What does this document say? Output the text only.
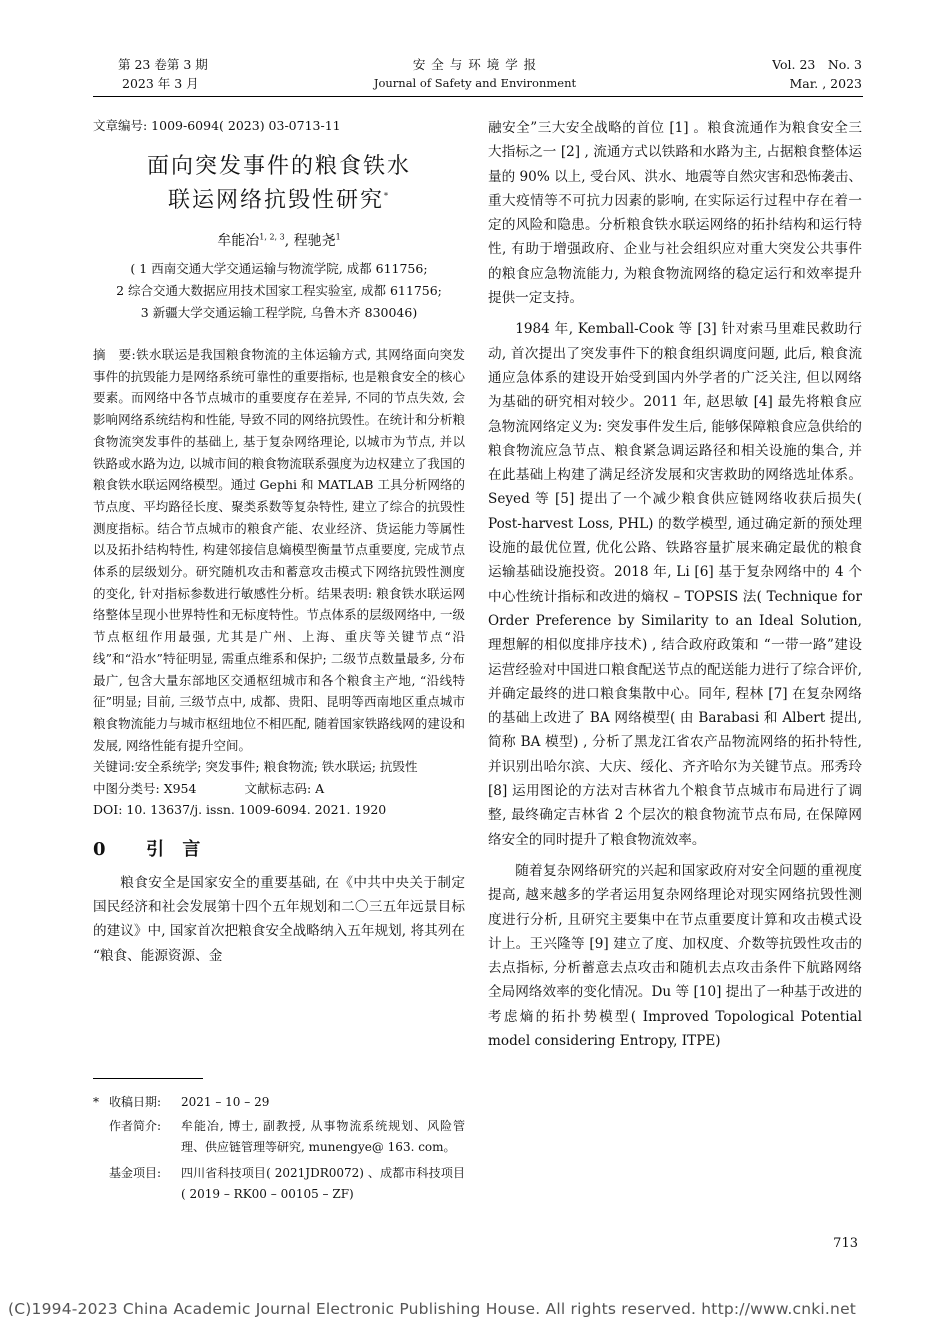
第 23 卷第 3 期
2023 年 3 月
安 全 与 环 境 学 报
Journal of Safety and Environment
Vol. 23　No. 3
Mar. , 2023
文章编号: 1009-6094( 2023) 03-0713-11
面向突发事件的粮食铁水
联运网络抗毁性研究*
牟能冶$^{1, 2, 3}$, 程驰尧$^1$
( 1 西南交通大学交通运输与物流学院, 成都 611756;
2 综合交通大数据应用技术国家工程实验室, 成都 611756;
3 新疆大学交通运输工程学院, 乌鲁木齐 830046)
摘　要:铁水联运是我国粮食物流的主体运输方式, 其网络面向突发事件的抗毁能力是网络系统可靠性的重要指标, 也是粮食安全的核心要素。而网络中各节点城市的重要度存在差异, 不同的节点失效, 会影响网络系统结构和性能, 导致不同的网络抗毁性。在统计和分析粮食物流突发事件的基础上, 基于复杂网络理论, 以城市为节点, 并以铁路或水路为边, 以城市间的粮食物流联系强度为边权建立了我国的粮食铁水联运网络模型。通过 Gephi 和 MATLAB 工具分析网络的节点度、平均路径长度、聚类系数等复杂特性, 建立了综合的抗毁性测度指标。结合节点城市的粮食产能、农业经济、货运能力等属性以及拓扑结构特性, 构建邻接信息熵模型衡量节点重要度, 完成节点体系的层级划分。研究随机攻击和蓄意攻击模式下网络抗毁性测度的变化, 针对指标参数进行敏感性分析。结果表明: 粮食铁水联运网络整体呈现小世界特性和无标度特性。节点体系的层级网络中, 一级节点枢纽作用最强, 尤其是广州、上海、重庆等关键节点“沿线”和“沿水”特征明显, 需重点维系和保护; 二级节点数量最多, 分布最广, 包含大量东部地区交通枢纽城市和各个粮食主产地, “沿线特征”明显; 目前, 三级节点中, 成都、贵阳、昆明等西南地区重点城市粮食物流能力与城市枢纽地位不相匹配, 随着国家铁路线网的建设和发展, 网络性能有提升空间。
关键词:安全系统学; 突发事件; 粮食物流; 铁水联运; 抗毁性
中图分类号: X954	文献标志码: A
DOI: 10. 13637/j. issn. 1009-6094. 2021. 1920
0 引 言

粮食安全是国家安全的重要基础, 在《中共中央关于制定国民经济和社会发展第十四个五年规划和二〇三五年远景目标的建议》中, 国家首次把粮食安全战略纳入五年规划, 将其列在 “粮食、能源资源、金

* 收稿日期:	2021 – 10 – 29
作者简介:	牟能冶, 博士, 副教授, 从事物流系统规划、风险管理、供应链管理等研究, munengye@ 163. com。
基金项目:	四川省科技项目( 2021JDR0072) 、成都市科技项目( 2019 – RK00 – 00105 – ZF)

融安全”三大安全战略的首位 [1] 。粮食流通作为粮食安全三大指标之一 [2] , 流通方式以铁路和水路为主, 占据粮食整体运量的 90% 以上, 受台风、洪水、地震等自然灾害和恐怖袭击、重大疫情等不可抗力因素的影响, 在实际运行过程中存在着一定的风险和隐患。分析粮食铁水联运网络的拓扑结构和运行特性, 有助于增强政府、企业与社会组织应对重大突发公共事件的粮食应急物流能力, 为粮食物流网络的稳定运行和效率提升提供一定支持。

1984 年, Kemball-Cook 等 [3] 针对索马里难民救助行动, 首次提出了突发事件下的粮食组织调度问题, 此后, 粮食流通应急体系的建设开始受到国内外学者的广泛关注, 但以网络为基础的研究相对较少。2011 年, 赵思敏 [4] 最先将粮食应急物流网络定义为: 突发事件发生后, 能够保障粮食应急供给的粮食物流应急节点、粮食紧急调运路径和相关设施的集合, 并在此基础上构建了满足经济发展和灾害救助的网络选址体系。Seyed 等 [5] 提出了一个减少粮食供应链网络收获后损失( Post-harvest Loss, PHL) 的数学模型, 通过确定新的预处理设施的最优位置, 优化公路、铁路容量扩展来确定最优的粮食运输基础设施投资。2018 年, Li [6] 基于复杂网络中的 4 个中心性统计指标和改进的熵权 – TOPSIS 法( Technique for Order Preference by Similarity to an Ideal Solution, 理想解的相似度排序技术) , 结合政府政策和 “一带一路”建设运营经验对中国进口粮食配送节点的配送能力进行了综合评价, 并确定最终的进口粮食集散中心。同年, 程林 [7] 在复杂网络的基础上改进了 BA 网络模型( 由 Barabasi 和 Albert 提出, 简称 BA 模型) , 分析了黑龙江省农产品物流网络的拓扑特性, 并识别出哈尔滨、大庆、绥化、齐齐哈尔为关键节点。邢秀玲 [8] 运用图论的方法对吉林省九个粮食节点城市布局进行了调整, 最终确定吉林省 2 个层次的粮食物流节点布局, 在保障网络安全的同时提升了粮食物流效率。

随着复杂网络研究的兴起和国家政府对安全问题的重视度提高, 越来越多的学者运用复杂网络理论对现实网络抗毁性测度进行分析, 且研究主要集中在节点重要度计算和攻击模式设计上。王兴隆等 [9] 建立了度、加权度、介数等抗毁性攻击的去点指标, 分析蓄意去点攻击和随机去点攻击条件下航路网络全局网络效率的变化情况。Du 等 [10] 提出了一种基于改进的考虑熵的拓扑势模型( Improved Topological Potential model considering Entropy, ITPE)

713
(C)1994-2023 China Academic Journal Electronic Publishing House. All rights reserved. http://www.cnki.net
